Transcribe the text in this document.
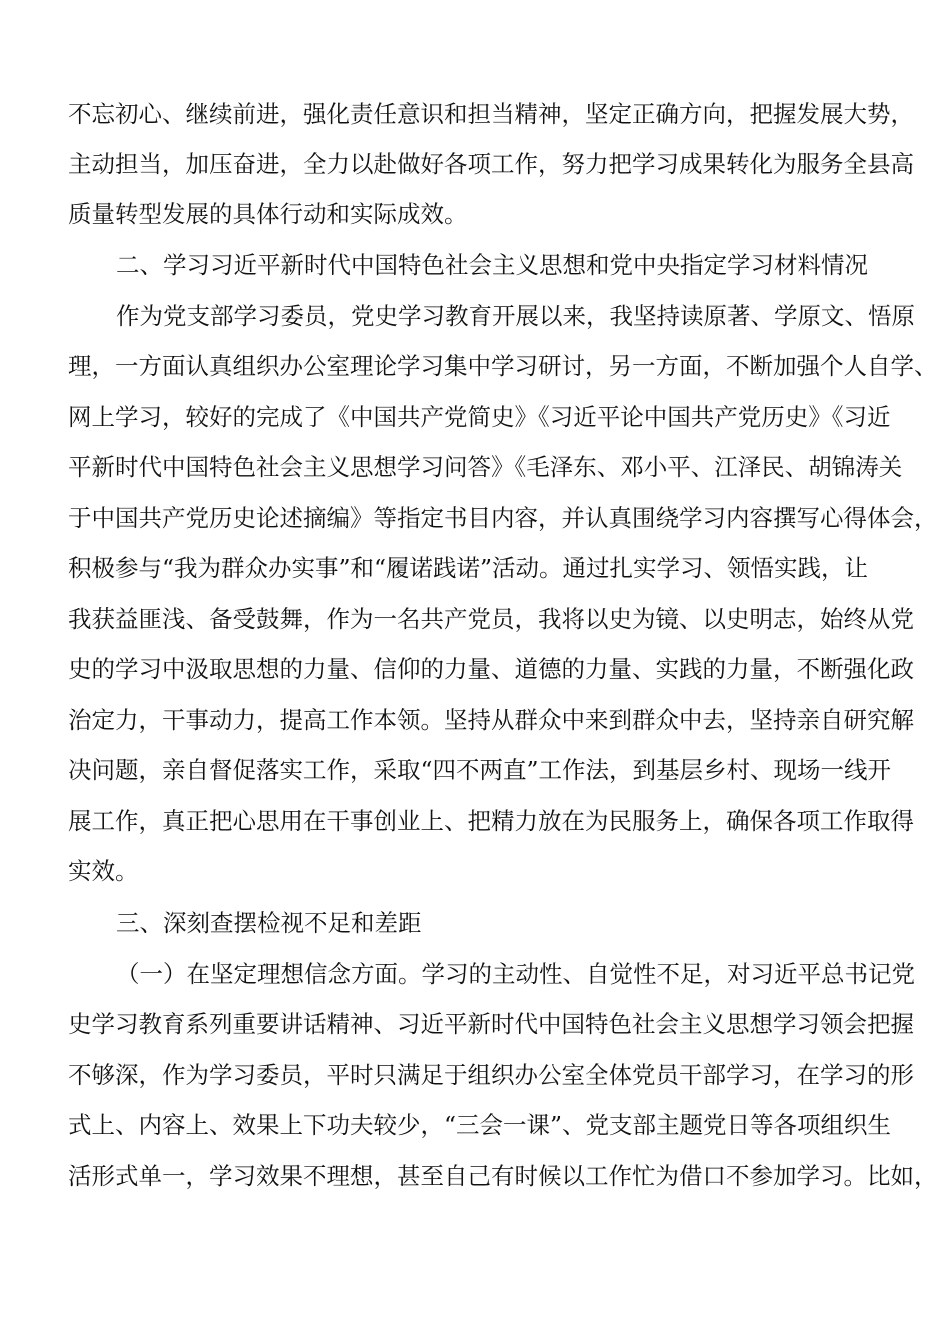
不忘初心、继续前进，强化责任意识和担当精神，坚定正确方向，把握发展大势，
主动担当，加压奋进，全力以赴做好各项工作，努力把学习成果转化为服务全县高
质量转型发展的具体行动和实际成效。
二、学习习近平新时代中国特色社会主义思想和党中央指定学习材料情况
作为党支部学习委员，党史学习教育开展以来，我坚持读原著、学原文、悟原
理，一方面认真组织办公室理论学习集中学习研讨，另一方面，不断加强个人自学、
网上学习，较好的完成了《中国共产党简史》《习近平论中国共产党历史》《习近
平新时代中国特色社会主义思想学习问答》《毛泽东、邓小平、江泽民、胡锦涛关
于中国共产党历史论述摘编》等指定书目内容，并认真围绕学习内容撰写心得体会，
积极参与“我为群众办实事”和“履诺践诺”活动。通过扎实学习、领悟实践，让
我获益匪浅、备受鼓舞，作为一名共产党员，我将以史为镜、以史明志，始终从党
史的学习中汲取思想的力量、信仰的力量、道德的力量、实践的力量，不断强化政
治定力，干事动力，提高工作本领。坚持从群众中来到群众中去，坚持亲自研究解
决问题，亲自督促落实工作，采取“四不两直”工作法，到基层乡村、现场一线开
展工作，真正把心思用在干事创业上、把精力放在为民服务上，确保各项工作取得
实效。
三、深刻查摆检视不足和差距
（一）在坚定理想信念方面。学习的主动性、自觉性不足，对习近平总书记党
史学习教育系列重要讲话精神、习近平新时代中国特色社会主义思想学习领会把握
不够深，作为学习委员，平时只满足于组织办公室全体党员干部学习，在学习的形
式上、内容上、效果上下功夫较少，“三会一课”、党支部主题党日等各项组织生
活形式单一，学习效果不理想，甚至自己有时候以工作忙为借口不参加学习。比如，
